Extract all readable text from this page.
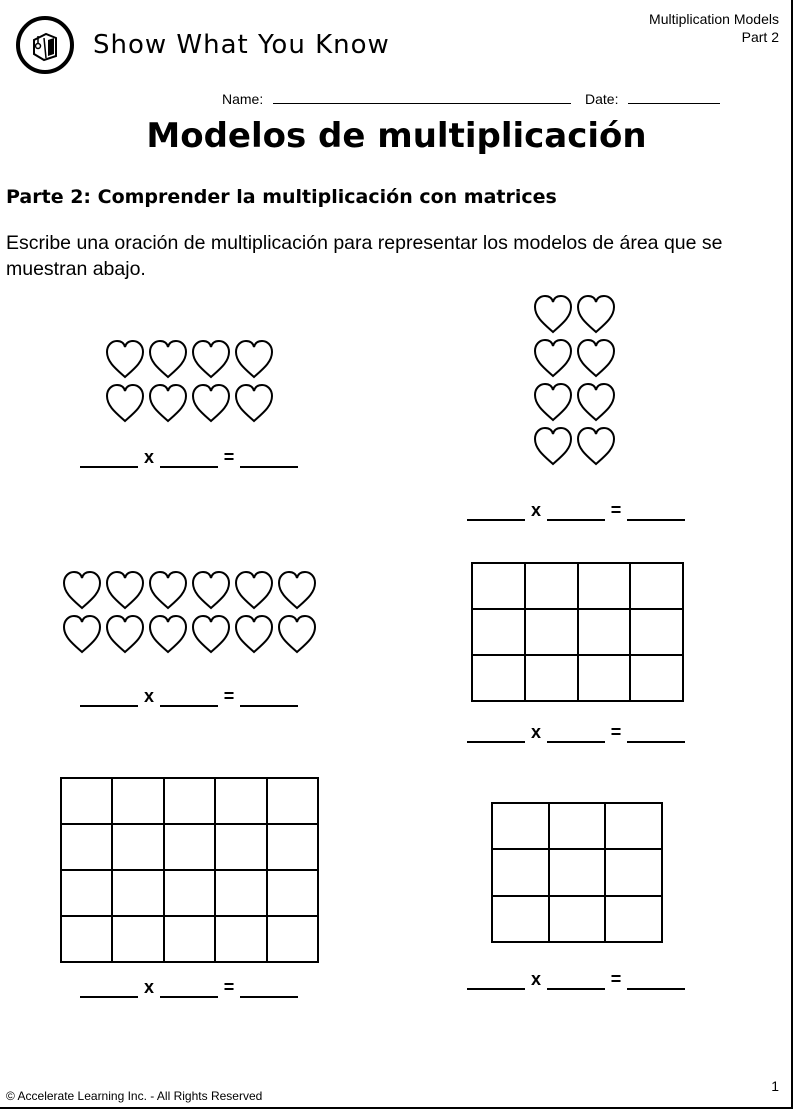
Show What You Know
Multiplication Models
Part 2
Name:	Date:
Modelos de multiplicación
Parte 2: Comprender la multiplicación con matrices
Escribe una oración de multiplicación para representar los modelos de área que se muestran abajo.

x	=
x	=
x	=
x	=
x	=	x	=
© Accelerate Learning Inc. - All Rights Reserved
1
